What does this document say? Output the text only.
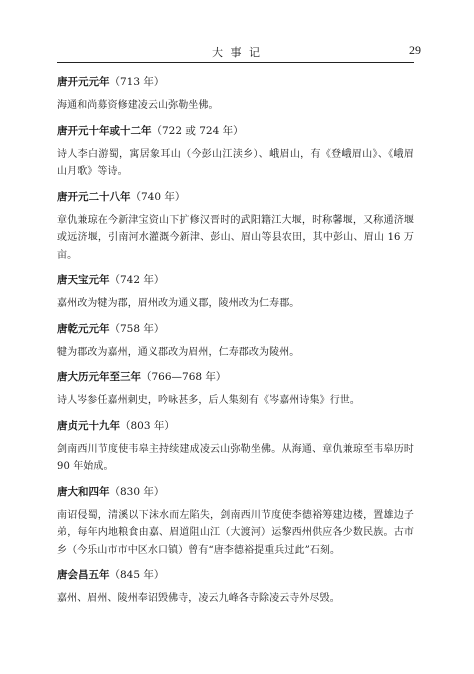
大 事 记	29
唐开元元年（713 年）
海通和尚募资修建凌云山弥勒坐佛。
唐开元十年或十二年（722 或 724 年）
诗人李白游蜀，寓居象耳山（今彭山江渎乡）、峨眉山，有《登峨眉山》、《峨眉山月歌》等诗。
唐开元二十八年（740 年）
章仇兼琼在今新津宝资山下扩修汉晋时的武阳籍江大堰，时称馨堰，又称通济堰或远济堰，引南河水灌溉今新津、彭山、眉山等县农田，其中彭山、眉山 16 万亩。
唐天宝元年（742 年）
嘉州改为犍为郡，眉州改为通义郡，陵州改为仁寿郡。
唐乾元元年（758 年）
犍为郡改为嘉州，通义郡改为眉州，仁寿郡改为陵州。
唐大历元年至三年（766—768 年）
诗人岑参任嘉州刺史，吟咏甚多，后人集刻有《岑嘉州诗集》行世。
唐贞元十九年（803 年）
剑南西川节度使韦皋主持续建成凌云山弥勒坐佛。从海通、章仇兼琼至韦皋历时 90 年始成。
唐大和四年（830 年）
南诏侵蜀，清溪以下沫水而左陷失，剑南西川节度使李德裕筹建边楼，置雄边子弟，每年内地粮食由嘉、眉道阻山江（大渡河）运黎西州供应各少数民族。古市乡（今乐山市市中区水口镇）曾有“唐李德裕提重兵过此”石刻。
唐会昌五年（845 年）
嘉州、眉州、陵州奉诏毁佛寺，凌云九峰各寺除凌云寺外尽毁。
